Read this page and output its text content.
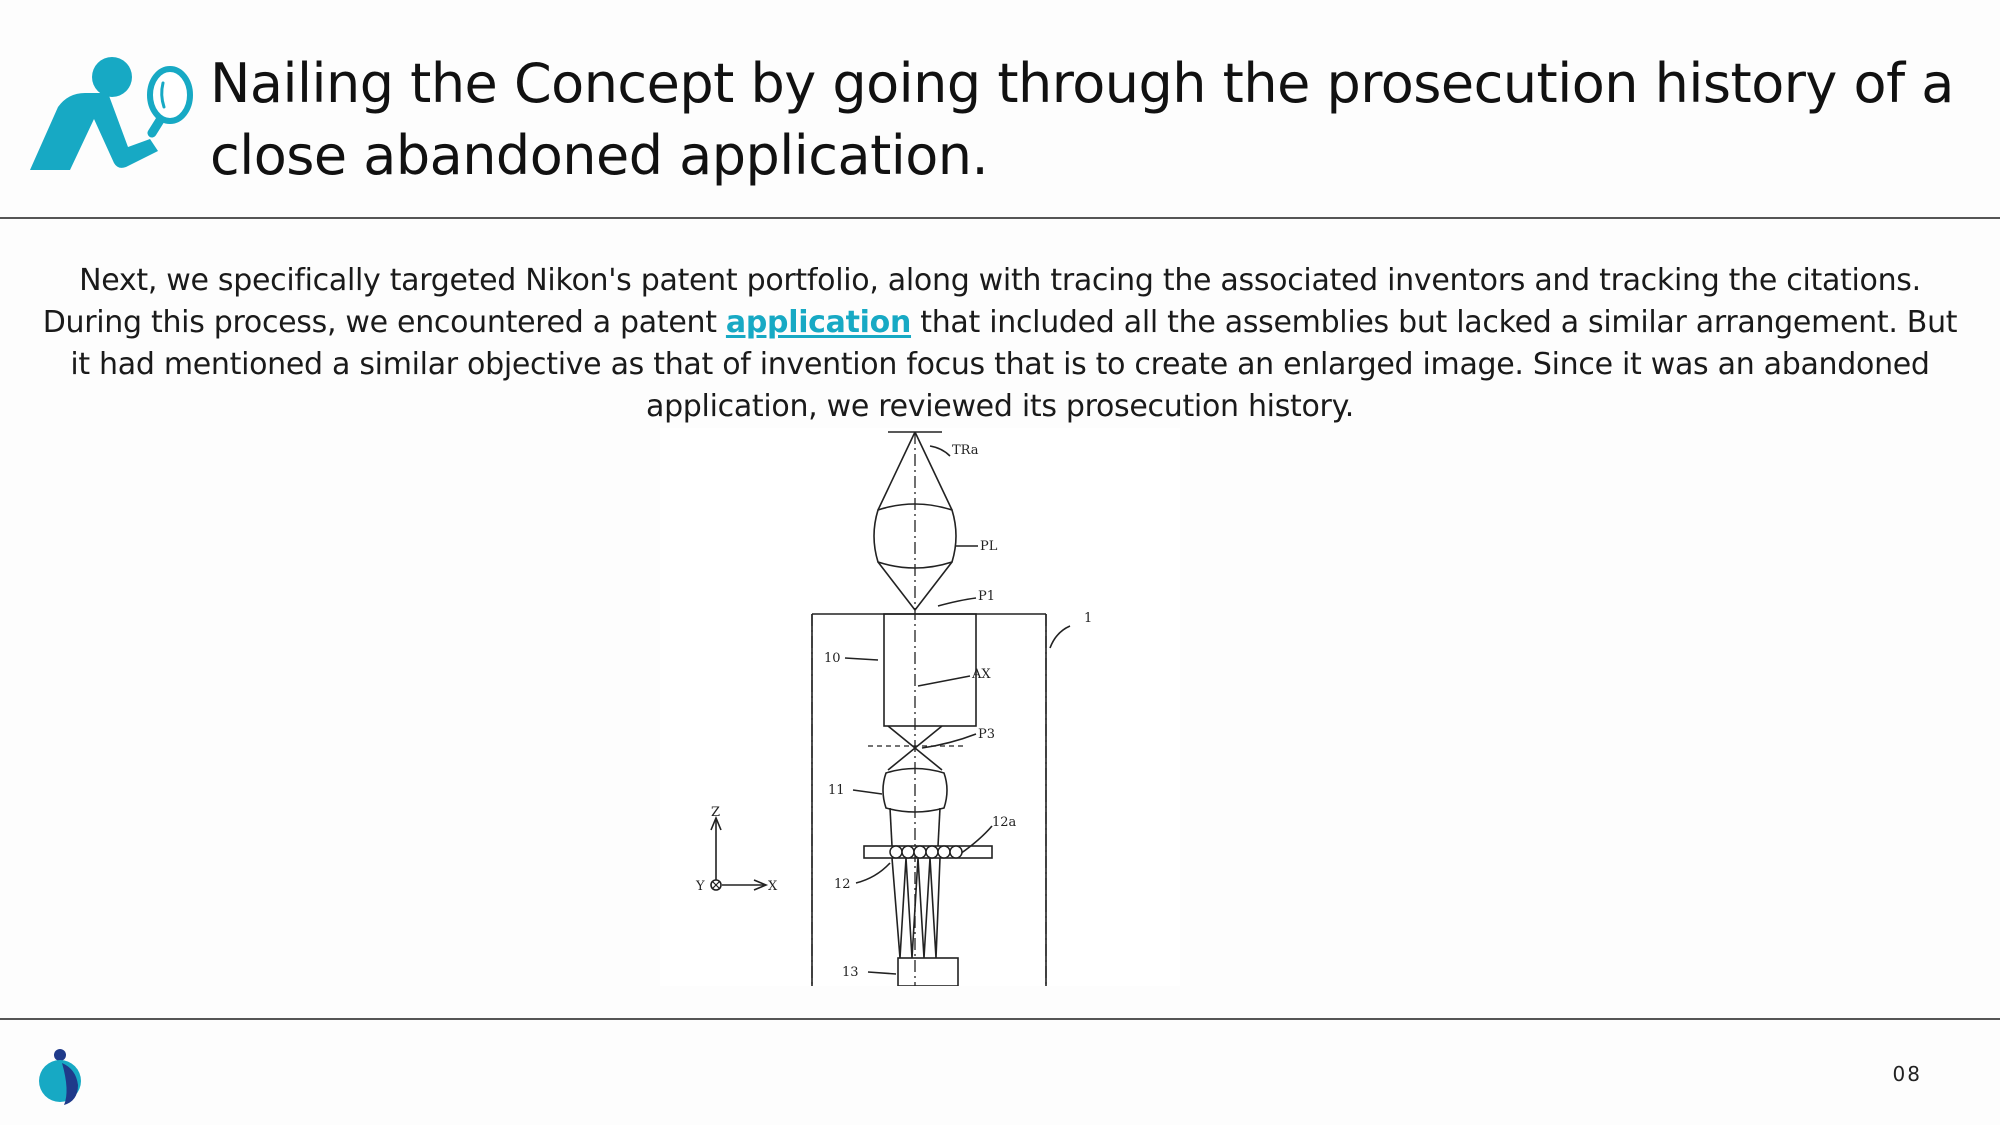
Nailing the Concept by going through the prosecution history of a close abandoned application.
Next, we specifically targeted Nikon's patent portfolio, along with tracing the associated inventors and tracking the citations. During this process, we encountered a patent application that included all the assemblies but lacked a similar arrangement. But it had mentioned a similar objective as that of invention focus that is to create an enlarged image. Since it was an abandoned application, we reviewed its prosecution history.
TRa
PL
P1
1
10
AX
P3
11
12a
12
13
Z
Y	X
08
